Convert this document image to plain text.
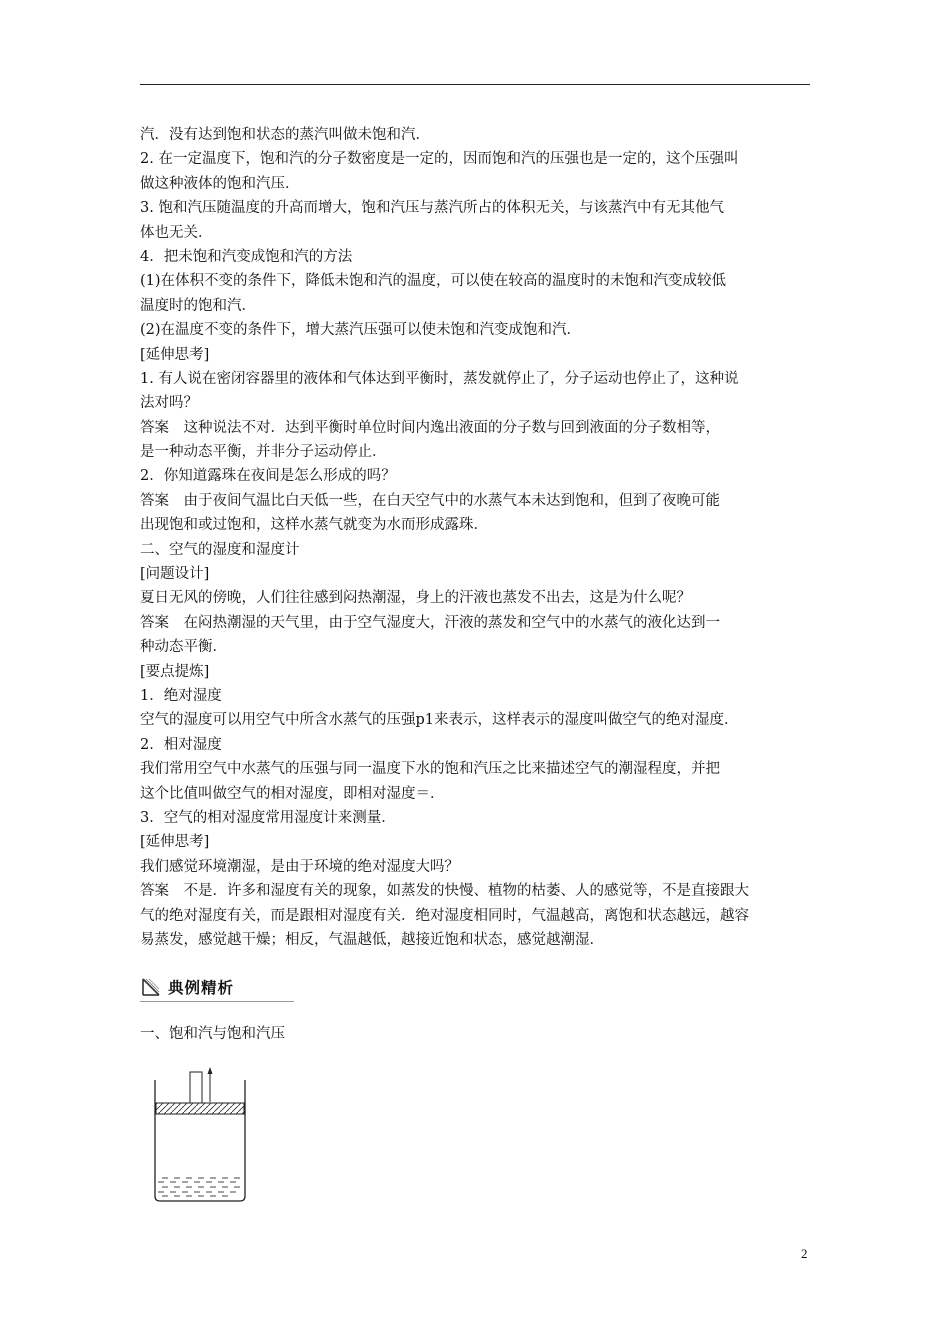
汽．没有达到饱和状态的蒸汽叫做未饱和汽．
2. 在一定温度下，饱和汽的分子数密度是一定的，因而饱和汽的压强也是一定的，这个压强叫
做这种液体的饱和汽压．
3. 饱和汽压随温度的升高而增大，饱和汽压与蒸汽所占的体积无关，与该蒸汽中有无其他气
体也无关．
4．把未饱和汽变成饱和汽的方法
(1)在体积不变的条件下，降低未饱和汽的温度，可以使在较高的温度时的未饱和汽变成较低
温度时的饱和汽．
(2)在温度不变的条件下，增大蒸汽压强可以使未饱和汽变成饱和汽．
[延伸思考]
1. 有人说在密闭容器里的液体和气体达到平衡时，蒸发就停止了，分子运动也停止了，这种说
法对吗？
答案　这种说法不对．达到平衡时单位时间内逸出液面的分子数与回到液面的分子数相等，
是一种动态平衡，并非分子运动停止．
2．你知道露珠在夜间是怎么形成的吗？
答案　由于夜间气温比白天低一些，在白天空气中的水蒸气本未达到饱和，但到了夜晚可能
出现饱和或过饱和，这样水蒸气就变为水而形成露珠．
二、空气的湿度和湿度计
[问题设计]
夏日无风的傍晚，人们往往感到闷热潮湿，身上的汗液也蒸发不出去，这是为什么呢？
答案　在闷热潮湿的天气里，由于空气湿度大，汗液的蒸发和空气中的水蒸气的液化达到一
种动态平衡．
[要点提炼]
1．绝对湿度
空气的湿度可以用空气中所含水蒸气的压强p1来表示，这样表示的湿度叫做空气的绝对湿度．
2．相对湿度
我们常用空气中水蒸气的压强与同一温度下水的饱和汽压之比来描述空气的潮湿程度，并把
这个比值叫做空气的相对湿度，即相对湿度＝．
3．空气的相对湿度常用湿度计来测量．
[延伸思考]
我们感觉环境潮湿，是由于环境的绝对湿度大吗？
答案　不是．许多和湿度有关的现象，如蒸发的快慢、植物的枯萎、人的感觉等，不是直接跟大
气的绝对湿度有关，而是跟相对湿度有关．绝对湿度相同时，气温越高，离饱和状态越远，越容
易蒸发，感觉越干燥；相反，气温越低，越接近饱和状态，感觉越潮湿．
典例精析
一、饱和汽与饱和汽压
2
